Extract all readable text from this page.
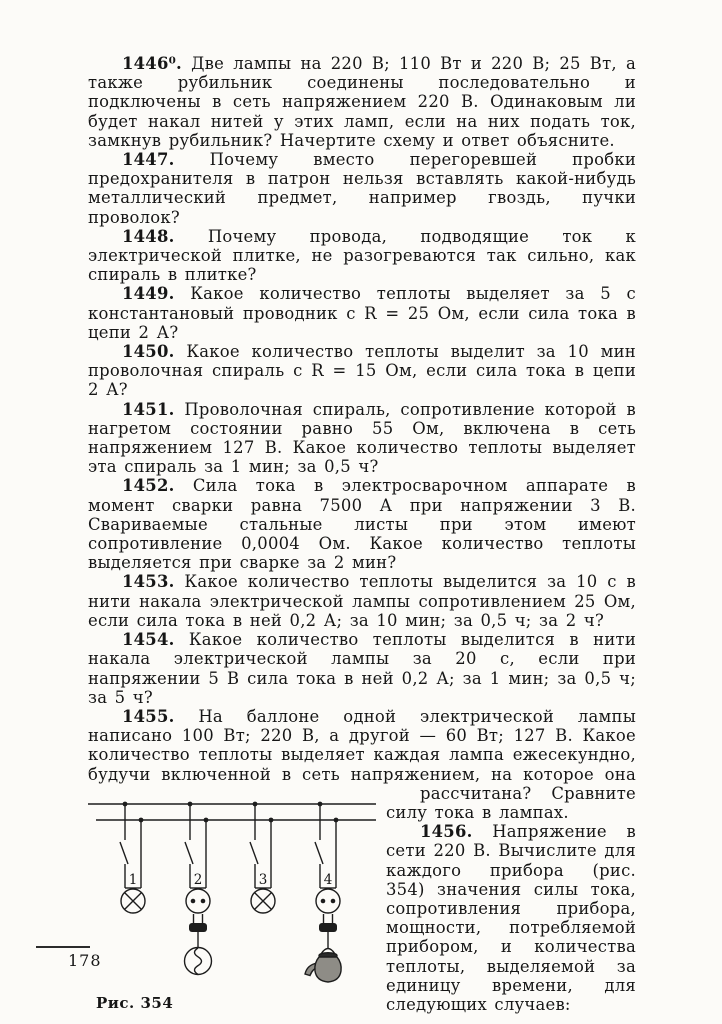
1446⁰. Две лампы на 220 В; 110 Вт и 220 В; 25 Вт, а также рубильник соединены последовательно и подключены в сеть напряжением 220 В. Одинаковым ли будет накал нитей у этих ламп, если на них подать ток, замкнув рубильник? Начертите схему и ответ объясните.

1447. Почему вместо перегоревшей пробки предохранителя в патрон нельзя вставлять какой-нибудь металлический предмет, например гвоздь, пучки проволок?

1448. Почему провода, подводящие ток к электрической плитке, не разогреваются так сильно, как спираль в плитке?

1449. Какое количество теплоты выделяет за 5 с константановый проводник с R = 25 Ом, если сила тока в цепи 2 А?

1450. Какое количество теплоты выделит за 10 мин проволочная спираль с R = 15 Ом, если сила тока в цепи 2 А?

1451. Проволочная спираль, сопротивление которой в нагретом состоянии равно 55 Ом, включена в сеть напряжением 127 В. Какое количество теплоты выделяет эта спираль за 1 мин; за 0,5 ч?

1452. Сила тока в электросварочном аппарате в момент сварки равна 7500 А при напряжении 3 В. Свариваемые стальные листы при этом имеют сопротивление 0,0004 Ом. Какое количество теплоты выделяется при сварке за 2 мин?

1453. Какое количество теплоты выделится за 10 с в нити накала электрической лампы сопротивлением 25 Ом, если сила тока в ней 0,2 А; за 10 мин; за 0,5 ч; за 2 ч?

1454. Какое количество теплоты выделится в нити накала электрической лампы за 20 с, если при напряжении 5 В сила тока в ней 0,2 А; за 1 мин; за 0,5 ч; за 5 ч?

1455. На баллоне одной электрической лампы написано 100 Вт; 220 В, а другой — 60 Вт; 127 В. Какое количество теплоты выделяет каждая лампа ежесекундно, будучи включенной в сеть напряжением, на которое она

1	2	3	4
Рис. 354

рассчитана? Сравните силу тока в лампах.

1456. Напряжение в сети 220 В. Вычислите для каждого прибора (рис. 354) значения силы тока, сопротивления прибора, мощности, потребляемой прибором, и количества теплоты, выделяемой за единицу времени, для следующих случаев:

178
